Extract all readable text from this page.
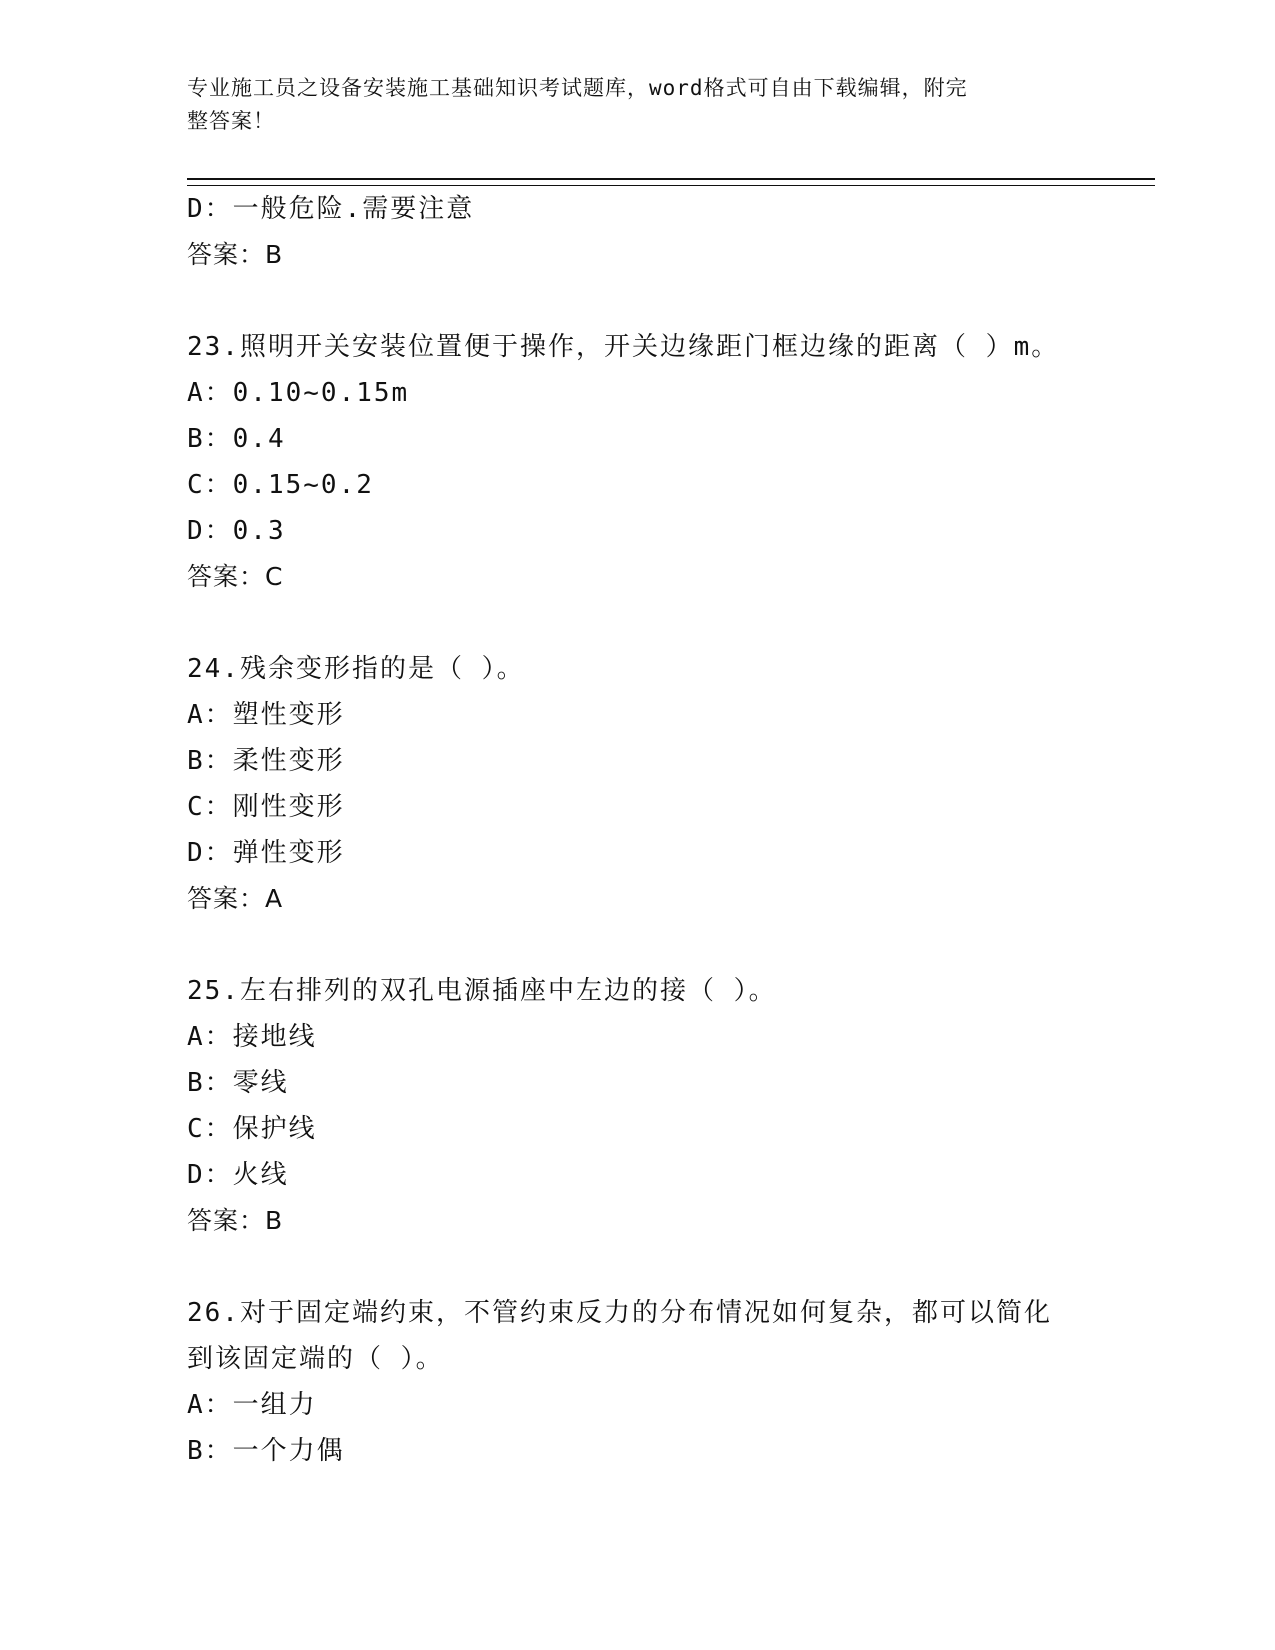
专业施工员之设备安装施工基础知识考试题库，word格式可自由下载编辑，附完
整答案！
D：一般危险.需要注意
答案：B
23.照明开关安装位置便于操作，开关边缘距门框边缘的距离（ ）m。
A：0.10~0.15m
B：0.4
C：0.15~0.2
D：0.3
答案：C
24.残余变形指的是（ ）。
A：塑性变形
B：柔性变形
C：刚性变形
D：弹性变形
答案：A
25.左右排列的双孔电源插座中左边的接（ ）。
A：接地线
B：零线
C：保护线
D：火线
答案：B
26.对于固定端约束，不管约束反力的分布情况如何复杂，都可以简化
到该固定端的（ ）。
A：一组力
B：一个力偶
